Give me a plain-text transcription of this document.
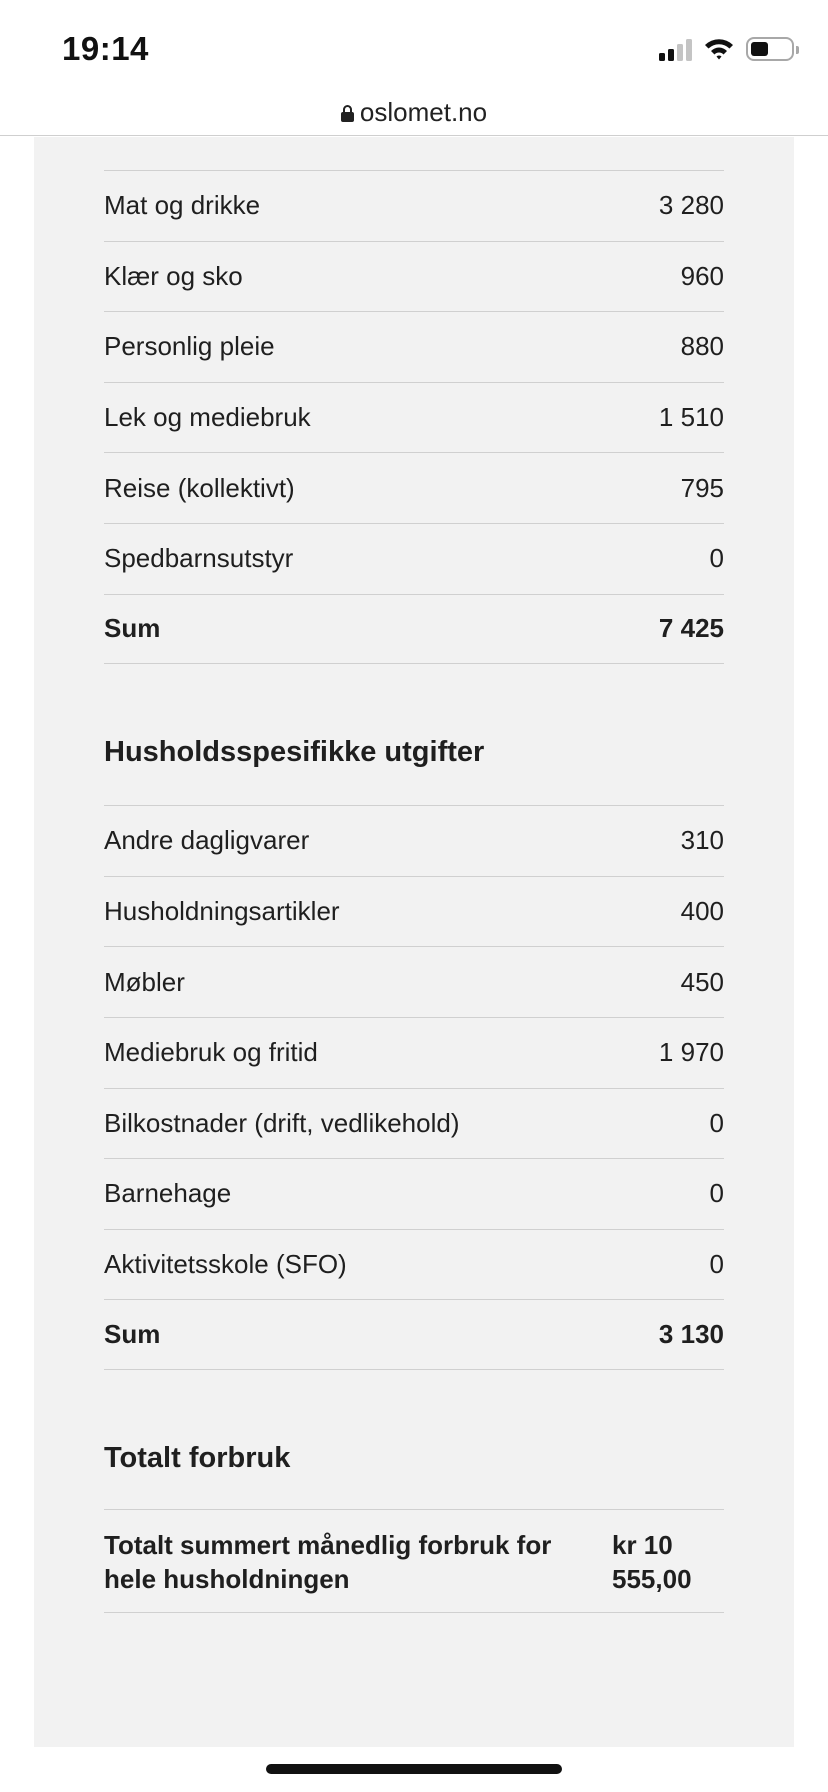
19:14
oslomet.no
Mat og drikke	3 280
Klær og sko	960
Personlig pleie	880
Lek og mediebruk	1 510
Reise (kollektivt)	795
Spedbarnsutstyr	0
Sum	7 425
Husholdsspesifikke utgifter
Andre dagligvarer	310
Husholdningsartikler	400
Møbler	450
Mediebruk og fritid	1 970
Bilkostnader (drift, vedlikehold)	0
Barnehage	0
Aktivitetsskole (SFO)	0
Sum	3 130
Totalt forbruk
Totalt summert månedlig forbruk for hele husholdningen
kr 10 555,00
